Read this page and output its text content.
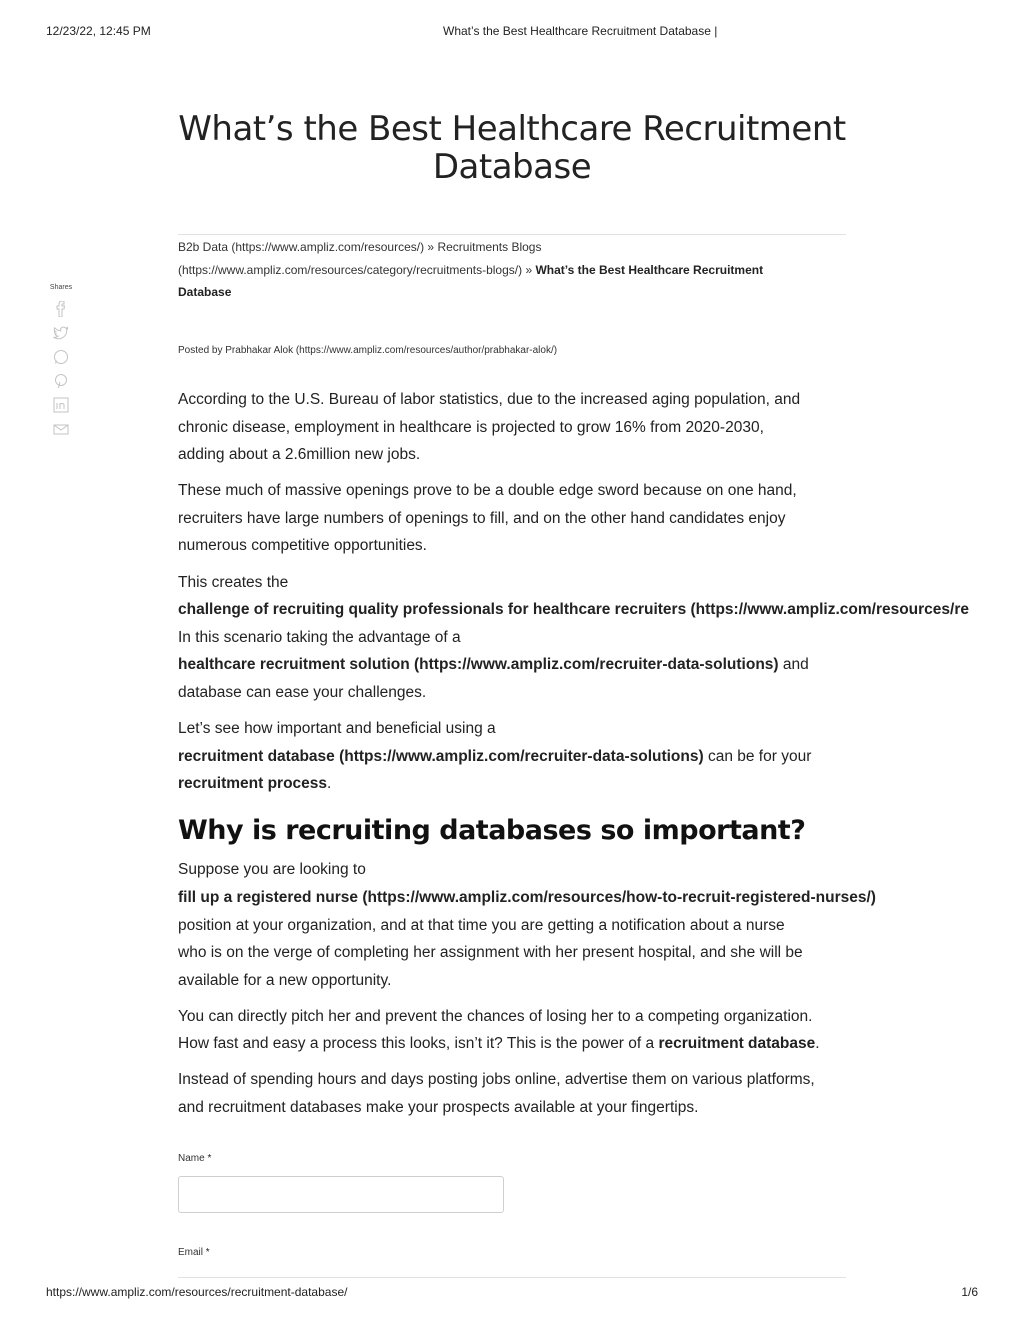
12/23/22, 12:45 PM	What’s the Best Healthcare Recruitment Database |
What’s the Best Healthcare Recruitment
Database
B2b Data (https://www.ampliz.com/resources/) » Recruitments Blogs
(https://www.ampliz.com/resources/category/recruitments-blogs/) » What’s the Best Healthcare Recruitment
Database
Shares
Posted by Prabhakar Alok (https://www.ampliz.com/resources/author/prabhakar-alok/)

According to the U.S. Bureau of labor statistics, due to the increased aging population, and
chronic disease, employment in healthcare is projected to grow 16% from 2020-2030,
adding about a 2.6million new jobs.

These much of massive openings prove to be a double edge sword because on one hand,
recruiters have large numbers of openings to fill, and on the other hand candidates enjoy
numerous competitive opportunities.

This creates the
challenge of recruiting quality professionals for healthcare recruiters (https://www.ampliz.com/resources/re
In this scenario taking the advantage of a
healthcare recruitment solution (https://www.ampliz.com/recruiter-data-solutions) and
database can ease your challenges.

Let’s see how important and beneficial using a
recruitment database (https://www.ampliz.com/recruiter-data-solutions) can be for your
recruitment process.

Why is recruiting databases so important?

Suppose you are looking to
fill up a registered nurse (https://www.ampliz.com/resources/how-to-recruit-registered-nurses/)
position at your organization, and at that time you are getting a notification about a nurse
who is on the verge of completing her assignment with her present hospital, and she will be
available for a new opportunity.

You can directly pitch her and prevent the chances of losing her to a competing organization.
How fast and easy a process this looks, isn’t it? This is the power of a recruitment database.

Instead of spending hours and days posting jobs online, advertise them on various platforms,
and recruitment databases make your prospects available at your fingertips.

Name *
Email *
https://www.ampliz.com/resources/recruitment-database/	1/6
